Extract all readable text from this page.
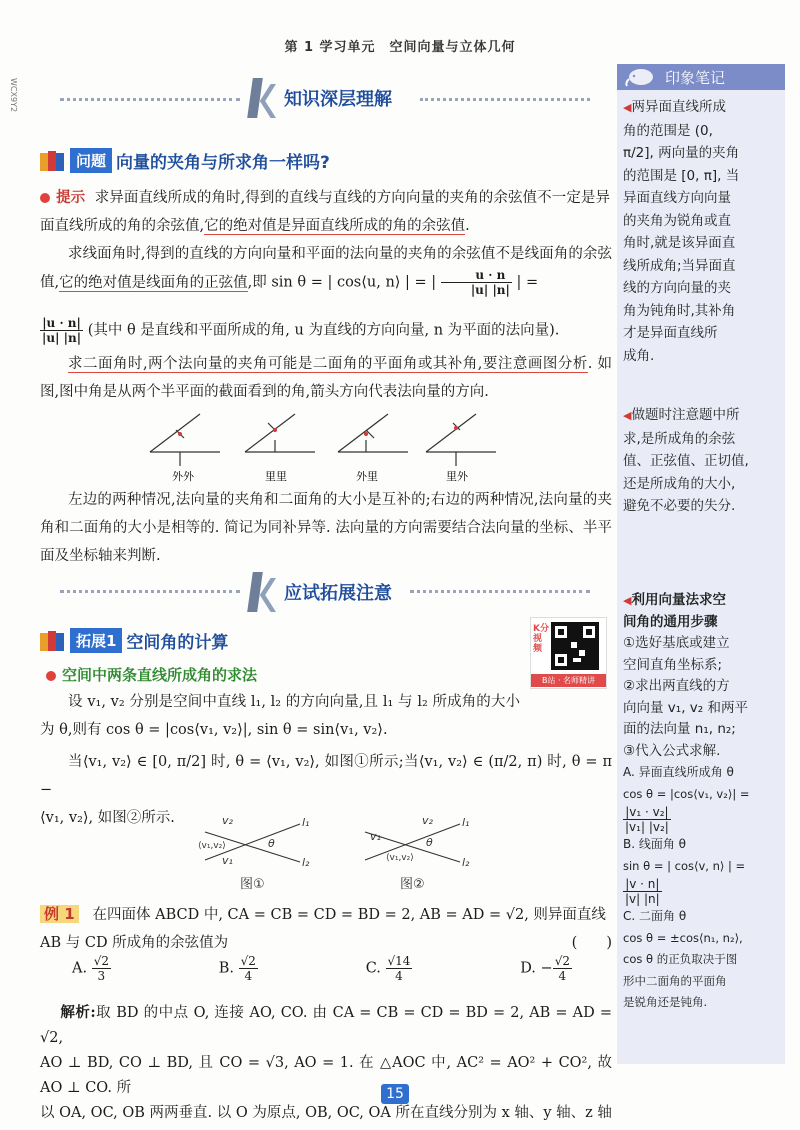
第 1 学习单元　空间向量与立体几何
WCX9Y2	知识深层理解
问题 向量的夹角与所求角一样吗?
提示 求异面直线所成的角时,得到的直线与直线的方向向量的夹角的余弦值不一定是异面直线所成的角的余弦值,它的绝对值是异面直线所成的角的余弦值.
求线面角时,得到的直线的方向向量和平面的法向量的夹角的余弦值不是线面角的余弦值,它的绝对值是线面角的正弦值,即 sin θ = | cos⟨u, n⟩ | = | $\frac{u \cdot n}{|u| |n|}$ | =
$\frac{|u \cdot n|}{|u| |n|}$ (其中 θ 是直线和平面所成的角, u 为直线的方向向量, n 为平面的法向量).
求二面角时,两个法向量的夹角可能是二面角的平面角或其补角,要注意画图分析. 如图,图中角是从两个半平面的截面看到的角,箭头方向代表法向量的方向.
外外	里里	外里	里外
左边的两种情况,法向量的夹角和二面角的大小是互补的;右边的两种情况,法向量的夹角和二面角的大小是相等的. 简记为同补异等. 法向量的方向需要结合法向量的坐标、半平面及坐标轴来判断.
应试拓展注意
拓展1 空间角的计算
K分视频
B站 · 名师精讲
空间中两条直线所成角的求法
设 v₁, v₂ 分别是空间中直线 l₁, l₂ 的方向向量,且 l₁ 与 l₂ 所成角的大小为 θ,则有 cos θ = |cos⟨v₁, v₂⟩|, sin θ = sin⟨v₁, v₂⟩.
当⟨v₁, v₂⟩ ∈ [0, π/2] 时, θ = ⟨v₁, v₂⟩, 如图①所示;当⟨v₁, v₂⟩ ∈ (π/2, π) 时, θ = π −
⟨v₁, v₂⟩, 如图②所示.	l₁
l₂
v₂
v₁
⟨v₁,v₂⟩	θ
l₁
l₂
v₂
v₁
⟨v₁,v₂⟩
θ
图①	图②
例 1 在四面体 ABCD 中, CA = CB = CD = BD = 2, AB = AD = √2, 则异面直线
AB 与 CD 所成角的余弦值为	(　　)
A. $\frac{√2}{3}$	B. $\frac{√2}{4}$	C. $\frac{√14}{4}$	D. − $\frac{√2}{4}$
解析:取 BD 的中点 O, 连接 AO, CO. 由 CA = CB = CD = BD = 2, AB = AD = √2,
AO ⊥ BD, CO ⊥ BD, 且 CO = √3, AO = 1. 在 △AOC 中, AC² = AO² + CO², 故 AO ⊥ CO. 所
以 OA, OC, OB 两两垂直. 以 O 为原点, OB, OC, OA 所在直线分别为 x 轴、y 轴、z 轴
15
印象笔记
◀两异面直线所成
角的范围是 (0,
π/2], 两向量的夹角
的范围是 [0, π], 当
异面直线方向向量
的夹角为锐角或直
角时,就是该异面直
线所成角;当异面直
线的方向向量的夹
角为钝角时,其补角
才是异面直线所
成角.
◀做题时注意题中所
求,是所成角的余弦
值、正弦值、正切值,
还是所成角的大小,
避免不必要的失分.
◀利用向量法求空
间角的通用步骤
①选好基底或建立
空间直角坐标系;
②求出两直线的方
向向量 v₁, v₂ 和两平
面的法向量 n₁, n₂;
③代入公式求解.
A. 异面直线所成角 θ
cos θ = |cos⟨v₁, v₂⟩| =
$\frac{\text{|v₁ · v₂|}}{\text{|v₁| |v₂|}}$
B. 线面角 θ
sin θ = | cos⟨v, n⟩ | =
$\frac{|v \cdot n|}{|v| |n|}$
C. 二面角 θ
cos θ = ±cos⟨n₁, n₂⟩,
cos θ 的正负取决于图
形中二面角的平面角
是锐角还是钝角.
